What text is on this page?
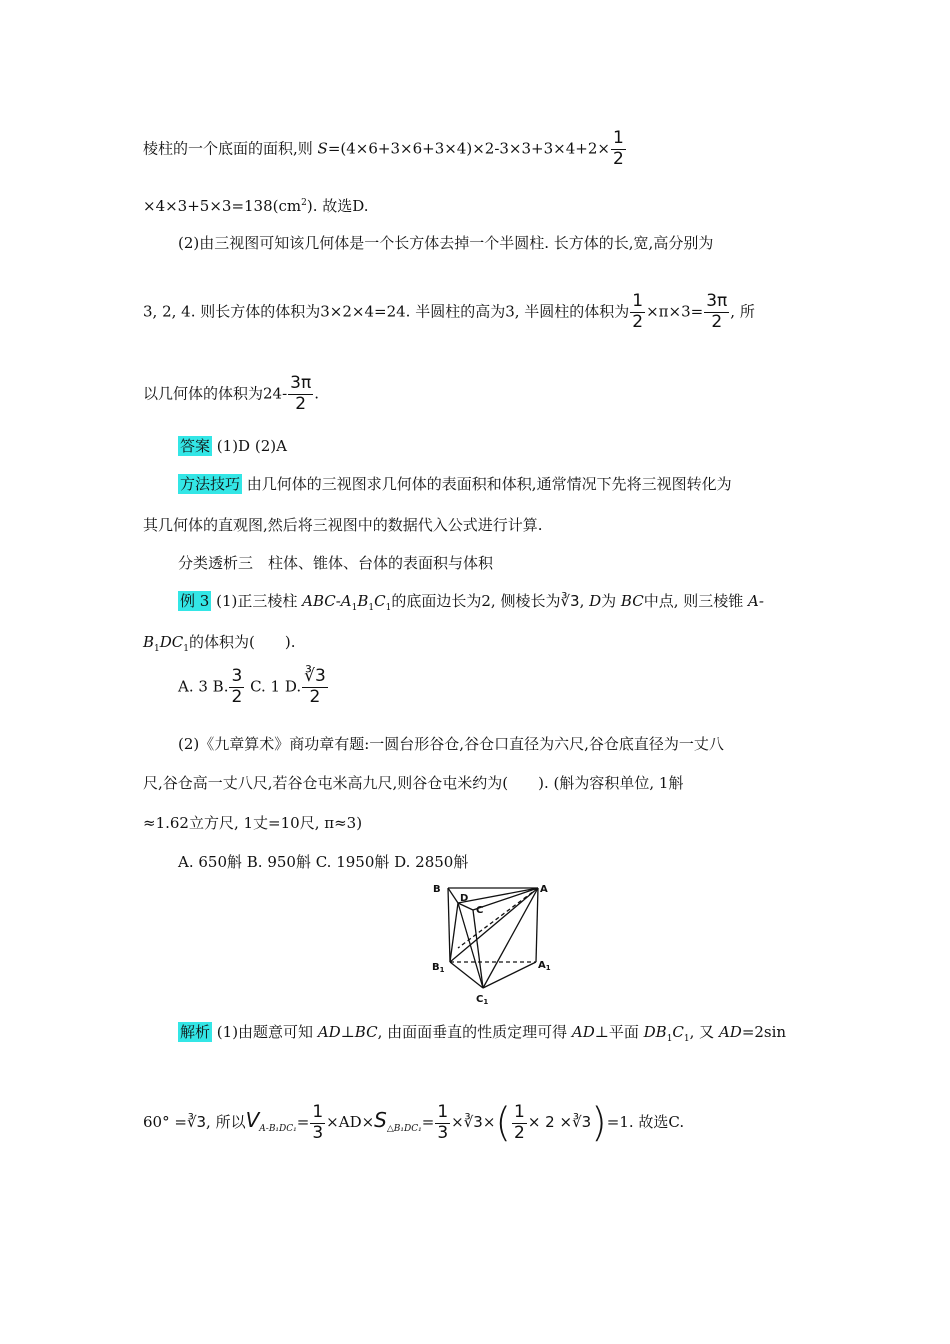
棱柱的一个底面的面积,则 $S=(4\times 6+3\times 6+3\times 4)\times 2-3\times 3+3\times 4+2\times \frac{1}{2}$
$\times 4\times 3+5\times 3=138(cm^2)$. 故选D.
(2)由三视图可知该几何体是一个长方体去掉一个半圆柱. 长方体的长,宽,高分别为
3, 2, 4. 则长方体的体积为3×2×4=24. 半圆柱的高为3, 半圆柱的体积为 $\frac{1}{2} \times\pi\times 3= \frac{3\pi}{2}$ , 所
以几何体的体积为$24- \frac{3\pi}{2}$ .
答案 (1)D (2)A
方法技巧 由几何体的三视图求几何体的表面积和体积,通常情况下先将三视图转化为
其几何体的直观图,然后将三视图中的数据代入公式进行计算.
分类透析三　柱体、锥体、台体的表面积与体积
例 3 (1)正三棱柱 ABC-$A_1B_1C_1$的底面边长为2, 侧棱长为∛3, D为 BC中点, 则三棱锥 A-
$B_1DC_1$的体积为(　　).
A. 3 B. $\frac{3}{2} C$. 1 D. $\frac{∛3}{2}$
(2)《九章算术》商功章有题:一圆台形谷仓,谷仓口直径为六尺,谷仓底直径为一丈八
尺,谷仓高一丈八尺,若谷仓屯米高九尺,则谷仓屯米约为(　　). (斛为容积单位, 1斛
≈1.62立方尺, 1丈=10尺, π≈3)
A. 650斛 B. 950斛 C. 1950斛 D. 2850斛
B	A
D
C
$B_1$	$A_1$
$C_1$
解析 (1)由题意可知 AD⊥BC, 由面面垂直的性质定理可得 AD⊥平面 $DB_1C_1$, 又 AD=2sin
60° =∛3, 所以$V_{A-B_1DC_1}= \frac{1}{3} \times AD\times S_{\triangle B_1DC_1}= \frac{1}{3}$ ×∛3×( $\frac{1}{2} \times 2$ ×∛3)=1. 故选C.
